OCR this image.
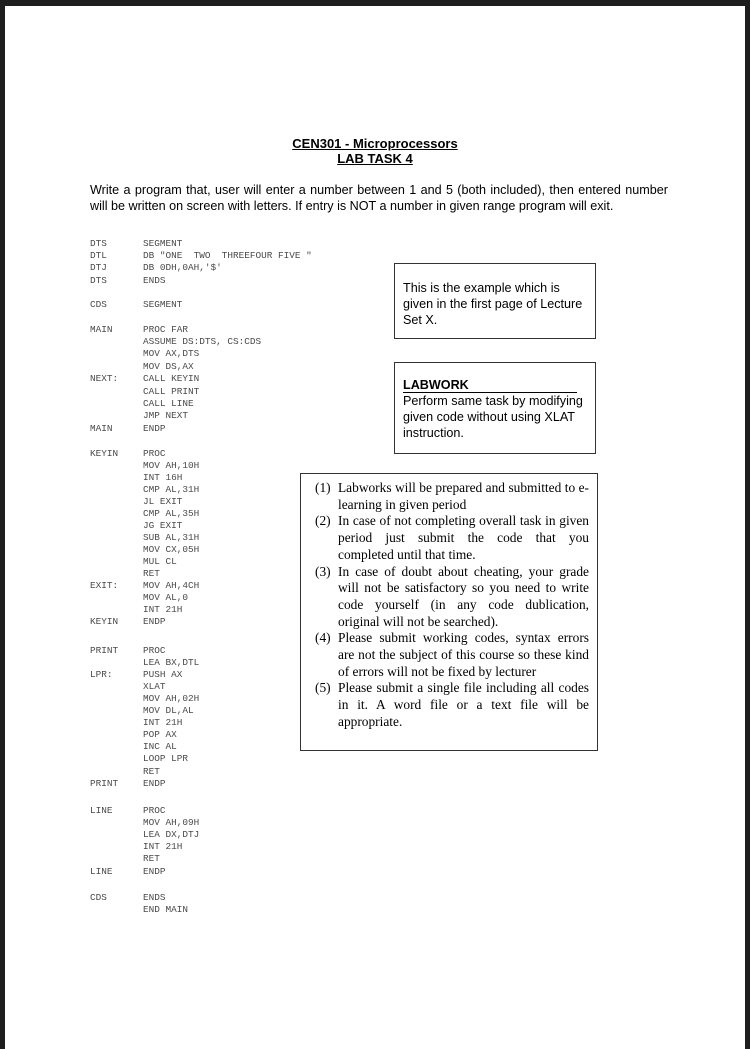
CEN301 - Microprocessors
LAB TASK 4
Write a program that, user will enter a number between 1 and 5 (both included), then entered number will be written on screen with letters. If entry is NOT a number in given range program will exit.
DTS	SEGMENT
DTL	DB "ONE  TWO  THREEFOUR FIVE "
DTJ	DB 0DH,0AH,'$'
DTS	ENDS
CDS	SEGMENT
MAIN	PROC FAR
ASSUME DS:DTS, CS:CDS
MOV AX,DTS
MOV DS,AX
NEXT:	CALL KEYIN
CALL PRINT
CALL LINE
JMP NEXT
MAIN	ENDP
KEYIN	PROC
MOV AH,10H
INT 16H
CMP AL,31H
JL EXIT
CMP AL,35H
JG EXIT
SUB AL,31H
MOV CX,05H
MUL CL
RET
EXIT:	MOV AH,4CH
MOV AL,0
INT 21H
KEYIN	ENDP
PRINT	PROC
LEA BX,DTL
LPR:	PUSH AX
XLAT
MOV AH,02H
MOV DL,AL
INT 21H
POP AX
INC AL
LOOP LPR
RET
PRINT	ENDP
LINE	PROC
MOV AH,09H
LEA DX,DTJ
INT 21H
RET
LINE	ENDP
CDS	ENDS
END MAIN
This is the example which is given in the first page of Lecture Set X.
LABWORK
Perform same task by modifying given code without using XLAT instruction.
(1) Labworks will be prepared and submitted to e-learning in given period
(2) In case of not completing overall task in given period just submit the code that you completed until that time.
(3) In case of doubt about cheating, your grade will not be satisfactory so you need to write code yourself (in any code dublication, original will not be searched).
(4) Please submit working codes, syntax errors are not the subject of this course so these kind of errors will not be fixed by lecturer
(5) Please submit a single file including all codes in it. A word file or a text file will be appropriate.
